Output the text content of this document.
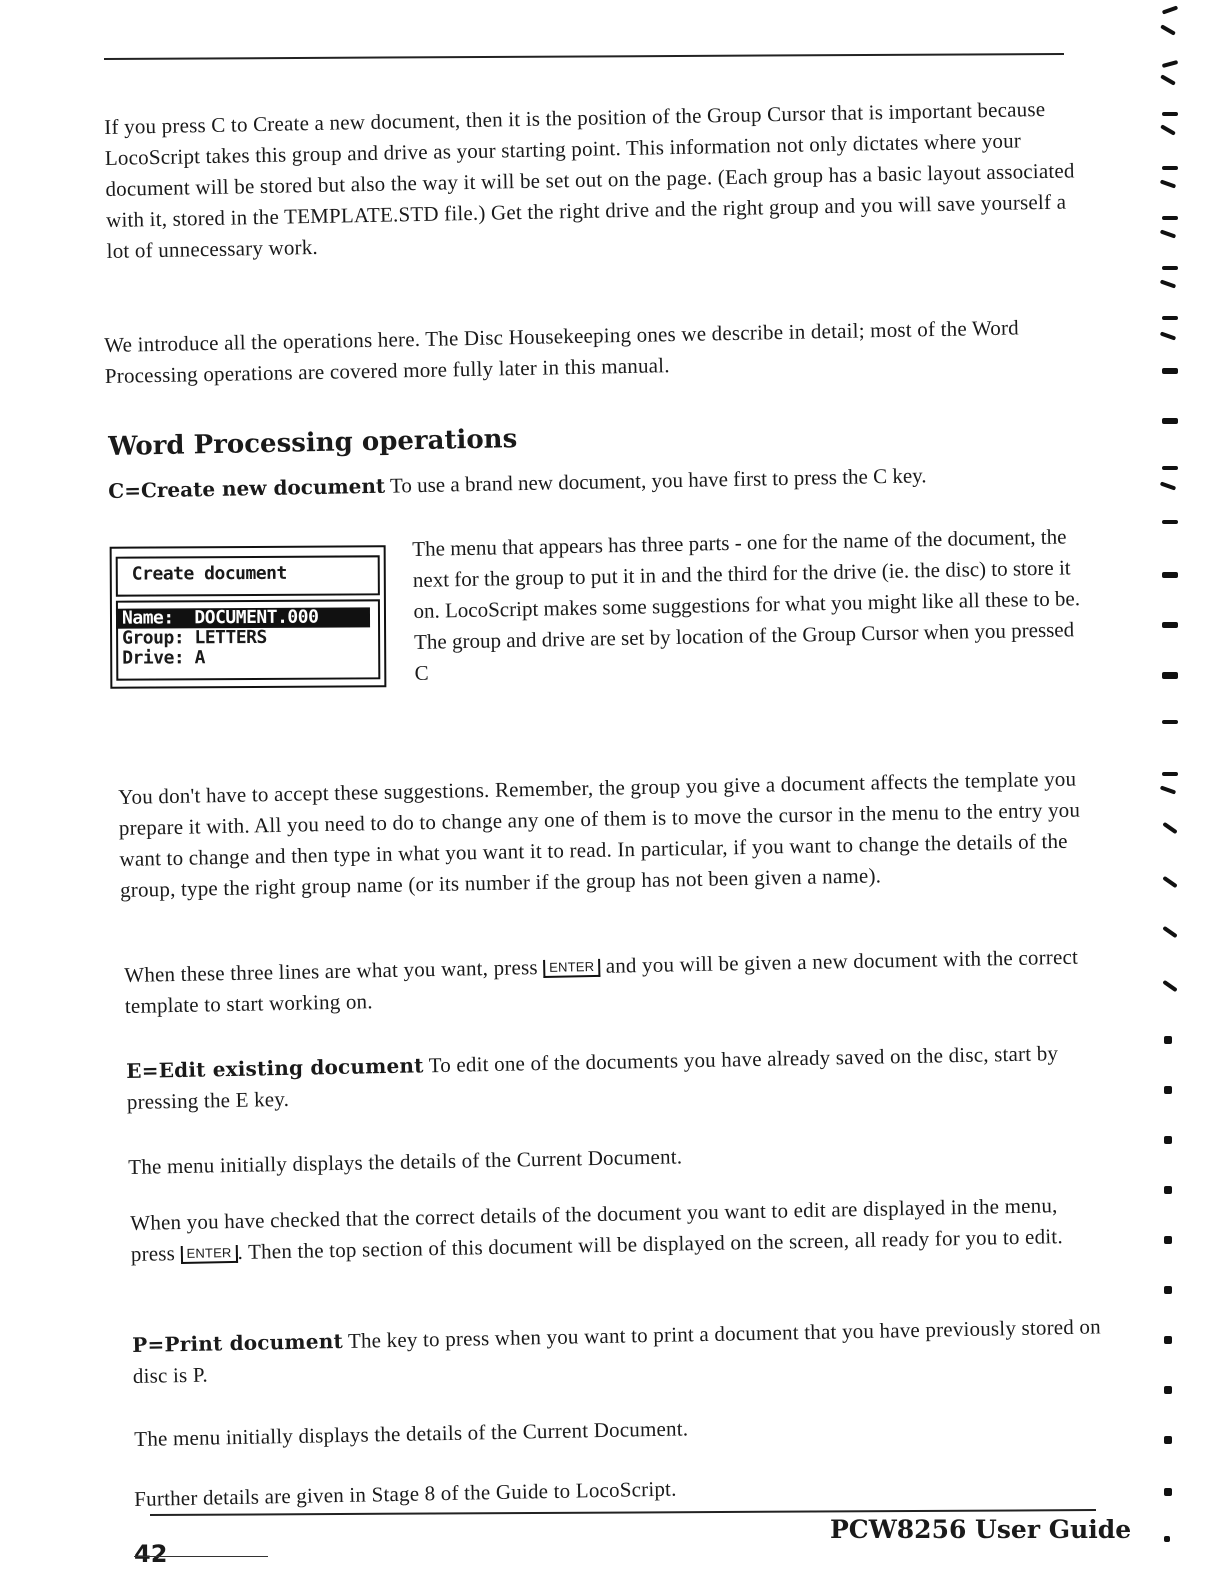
If you press C to Create a new document, then it is the position of the Group Cursor that is important because LocoScript takes this group and drive as your starting point. This information not only dictates where your document will be stored but also the way it will be set out on the page. (Each group has a basic layout associated with it, stored in the TEMPLATE.STD file.) Get the right drive and the right group and you will save yourself a lot of unnecessary work.

We introduce all the operations here. The Disc Housekeeping ones we describe in detail; most of the Word Processing operations are covered more fully later in this manual.

Word Processing operations

C=Create new document To use a brand new document, you have first to press the C key.

Create document
Name:  DOCUMENT.000
Group: LETTERS
Drive: A

The menu that appears has three parts - one for the name of the document, the next for the group to put it in and the third for the drive (ie. the disc) to store it on. LocoScript makes some suggestions for what you might like all these to be. The group and drive are set by location of the Group Cursor when you pressed C

You don't have to accept these suggestions. Remember, the group you give a document affects the template you prepare it with. All you need to do to change any one of them is to move the cursor in the menu to the entry you want to change and then type in what you want it to read. In particular, if you want to change the details of the group, type the right group name (or its number if the group has not been given a name).

When these three lines are what you want, press ENTER and you will be given a new document with the correct template to start working on.

E=Edit existing document To edit one of the documents you have already saved on the disc, start by pressing the E key.

The menu initially displays the details of the Current Document.

When you have checked that the correct details of the document you want to edit are displayed in the menu, press ENTER . Then the top section of this document will be displayed on the screen, all ready for you to edit.

P=Print document The key to press when you want to print a document that you have previously stored on disc is P.

The menu initially displays the details of the Current Document.

Further details are given in Stage 8 of the Guide to LocoScript.

42
PCW8256 User Guide
